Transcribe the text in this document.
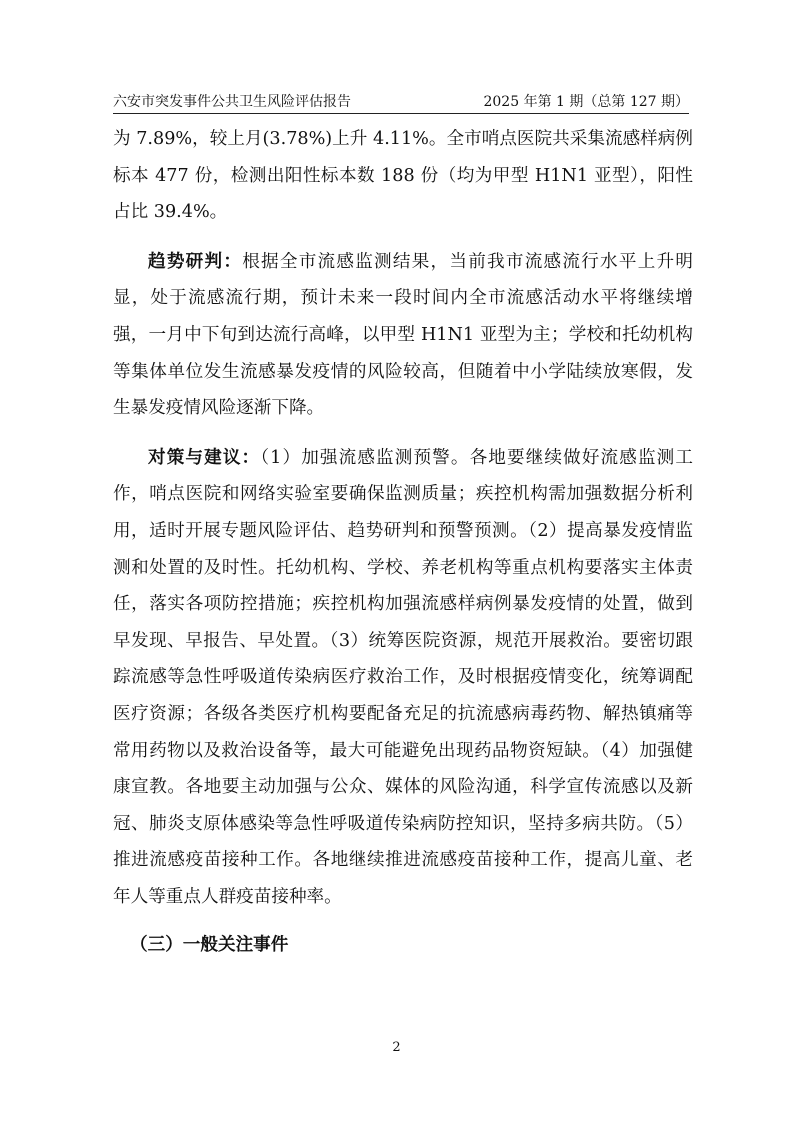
六安市突发事件公共卫生风险评估报告	2025 年第 1 期（总第 127 期）

为 7.89%，较上月(3.78%)上升 4.11%。全市哨点医院共采集流感样病例标本 477 份，检测出阳性标本数 188 份（均为甲型 H1N1 亚型），阳性占比 39.4%。

趋势研判：根据全市流感监测结果，当前我市流感流行水平上升明显，处于流感流行期，预计未来一段时间内全市流感活动水平将继续增强，一月中下旬到达流行高峰，以甲型 H1N1 亚型为主；学校和托幼机构等集体单位发生流感暴发疫情的风险较高，但随着中小学陆续放寒假，发生暴发疫情风险逐渐下降。

对策与建议：（1）加强流感监测预警。各地要继续做好流感监测工作，哨点医院和网络实验室要确保监测质量；疾控机构需加强数据分析利用，适时开展专题风险评估、趋势研判和预警预测。（2）提高暴发疫情监测和处置的及时性。托幼机构、学校、养老机构等重点机构要落实主体责任，落实各项防控措施；疾控机构加强流感样病例暴发疫情的处置，做到早发现、早报告、早处置。（3）统筹医院资源，规范开展救治。要密切跟踪流感等急性呼吸道传染病医疗救治工作，及时根据疫情变化，统筹调配医疗资源；各级各类医疗机构要配备充足的抗流感病毒药物、解热镇痛等常用药物以及救治设备等，最大可能避免出现药品物资短缺。（4）加强健康宣教。各地要主动加强与公众、媒体的风险沟通，科学宣传流感以及新冠、肺炎支原体感染等急性呼吸道传染病防控知识，坚持多病共防。（5）推进流感疫苗接种工作。各地继续推进流感疫苗接种工作，提高儿童、老年人等重点人群疫苗接种率。

（三）一般关注事件

2
